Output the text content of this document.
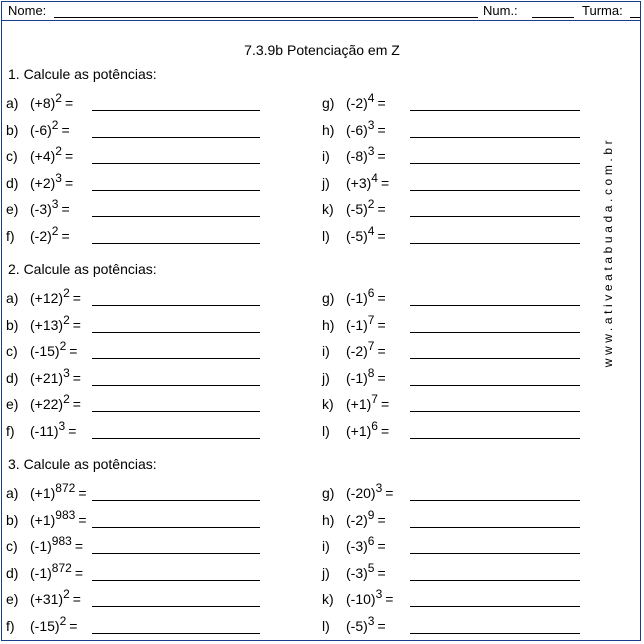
Nome:	Num.:	Turma:
7.3.9b Potenciação em Z
www.ativeatabuada.com.br
1. Calcule as potências:
a) $(+8)^2$ =
b) $(-6)^2$ =
c) $(+4)^2$ =
d) $(+2)^3$ =
e) $(-3)^3$ =
f) $(-2)^2$ =
g) $(-2)^4$ =
h) $(-6)^3$ =
i) $(-8)^3$ =
j) $(+3)^4$ =
k) $(-5)^2$ =
l) $(-5)^4$ =
2. Calcule as potências:
a) $(+12)^2$ =
b) $(+13)^2$ =
c) $(-15)^2$ =
d) $(+21)^3$ =
e) $(+22)^2$ =
f) $(-11)^3$ =
g) $(-1)^6$ =
h) $(-1)^7$ =
i) $(-2)^7$ =
j) $(-1)^8$ =
k) $(+1)^7$ =
l) $(+1)^6$ =
3. Calcule as potências:
a) $(+1)^{872}$ =
b) $(+1)^{983}$ =
c) $(-1)^{983}$ =
d) $(-1)^{872}$ =
e) $(+31)^2$ =
f) $(-15)^2$ =
g) $(-20)^3$ =
h) $(-2)^9$ =
i) $(-3)^6$ =
j) $(-3)^5$ =
k) $(-10)^3$ =
l) $(-5)^3$ =
